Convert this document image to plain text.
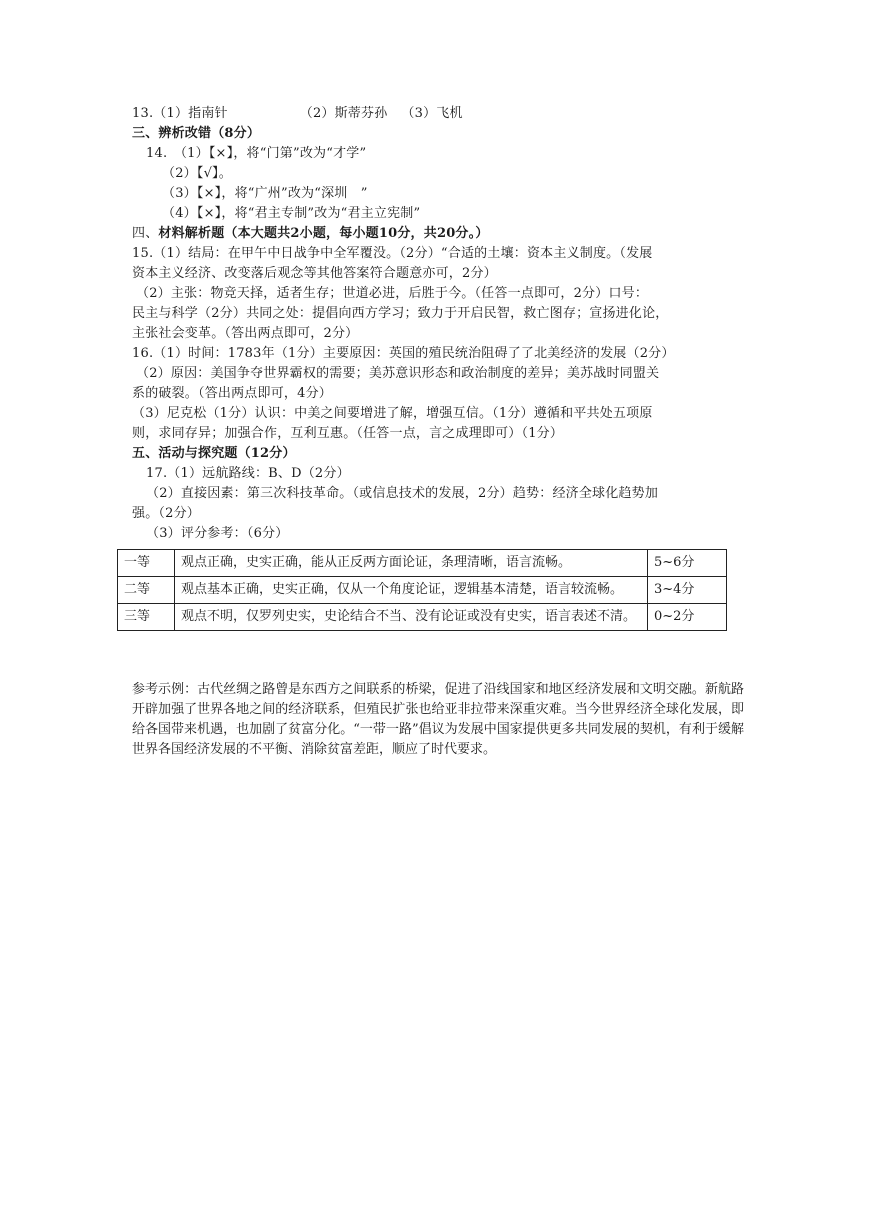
13.（1）指南针	（2）斯蒂芬孙 （3）飞机
三、辨析改错（8分）
14.　（1）【×】，将“门第”改为“才学”
（2）【√】。
（3）【×】，将“广州”改为“深圳　”
（4）【×】，将“君主专制”改为“君主立宪制”
四、材料解析题（本大题共2小题，每小题10分，共20分。）
15.（1）结局：在甲午中日战争中全军覆没。（2分）“合适的土壤：资本主义制度。（发展
资本主义经济、改变落后观念等其他答案符合题意亦可，2分）
（2）主张：物竞天择，适者生存；世道必进，后胜于今。（任答一点即可，2分）口号：
民主与科学（2分）共同之处：提倡向西方学习；致力于开启民智，救亡图存；宣扬进化论，
主张社会变革。（答出两点即可，2分）
16.（1）时间：1783年（1分）主要原因：英国的殖民统治阻碍了了北美经济的发展（2分）
（2）原因：美国争夺世界霸权的需要；美苏意识形态和政治制度的差异；美苏战时同盟关
系的破裂。（答出两点即可，4分）
（3）尼克松（1分）认识：中美之间要增进了解，增强互信。（1分）遵循和平共处五项原
则，求同存异；加强合作，互利互惠。（任答一点，言之成理即可）（1分）
五、活动与探究题（12分）
17.（1）远航路线：B、D（2分）
（2）直接因素：第三次科技革命。（或信息技术的发展，2分）趋势：经济全球化趋势加
强。（2分）
（3）评分参考：（6分）
一等	观点正确，史实正确，能从正反两方面论证，条理清晰，语言流畅。	5~6分
二等	观点基本正确，史实正确，仅从一个角度论证，逻辑基本清楚，语言较流畅。	3~4分
三等	观点不明，仅罗列史实，史论结合不当、没有论证或没有史实，语言表述不清。	0~2分
参考示例：古代丝绸之路曾是东西方之间联系的桥梁，促进了沿线国家和地区经济发展和文明交融。新航路开辟加强了世界各地之间的经济联系，但殖民扩张也给亚非拉带来深重灾难。当今世界经济全球化发展，即给各国带来机遇，也加剧了贫富分化。“一带一路”倡议为发展中国家提供更多共同发展的契机，有利于缓解世界各国经济发展的不平衡、消除贫富差距，顺应了时代要求。
